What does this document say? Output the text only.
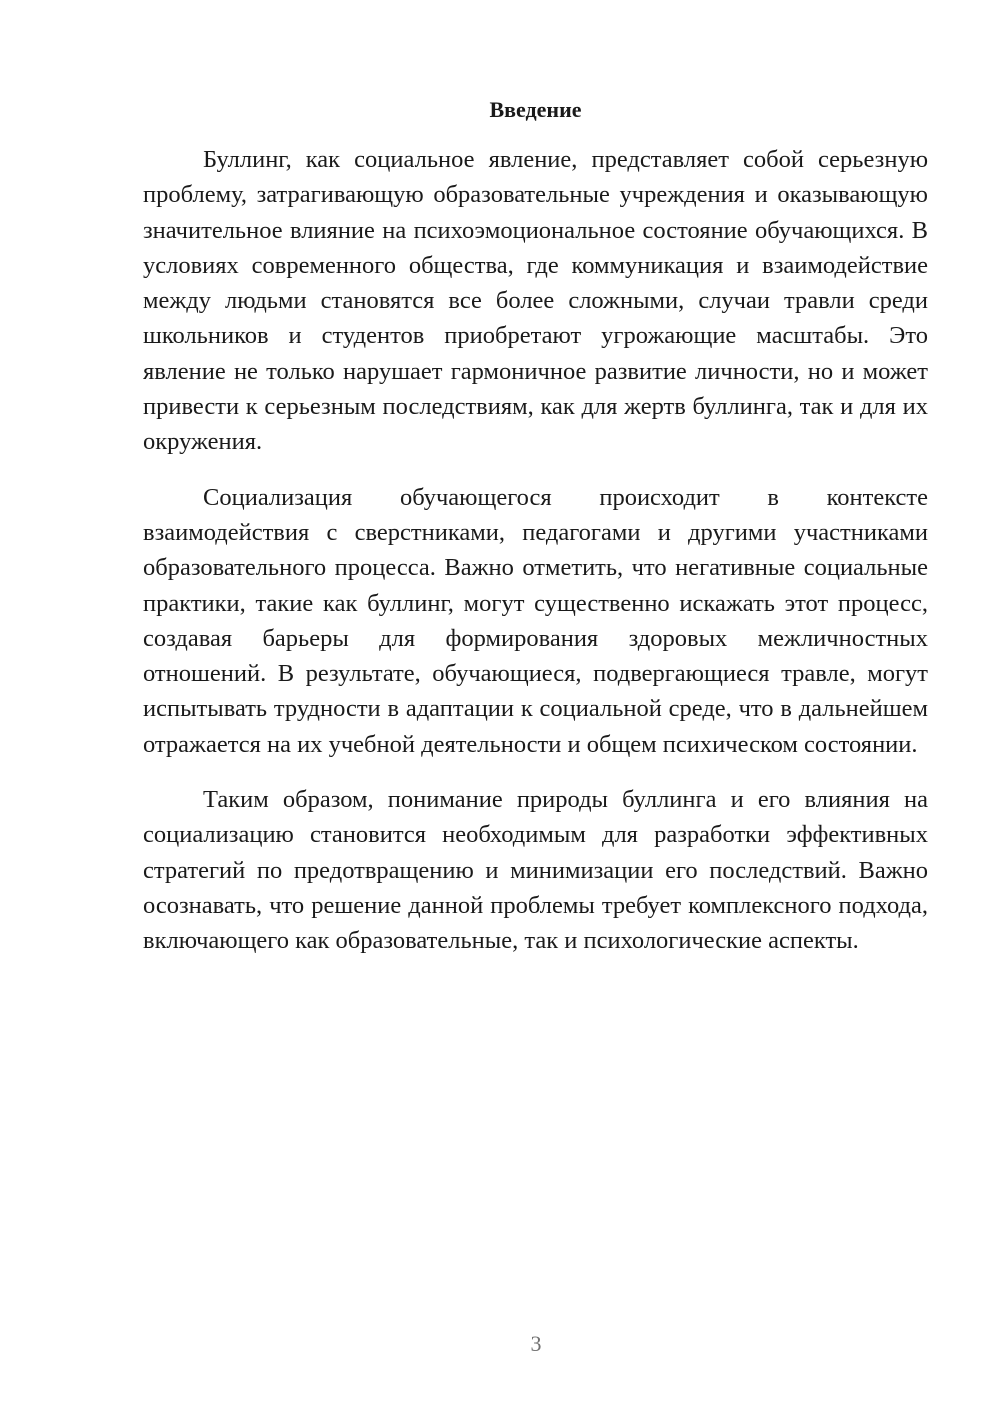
Введение

Буллинг, как социальное явление, представляет собой серьезную проблему, затрагивающую образовательные учреждения и оказывающую значительное влияние на психоэмоциональное состояние обучающихся. В условиях современного общества, где коммуникация и взаимодействие между людьми становятся все более сложными, случаи травли среди школьников и студентов приобретают угрожающие масштабы. Это явление не только нарушает гармоничное развитие личности, но и может привести к серьезным последствиям, как для жертв буллинга, так и для их окружения.

Социализация обучающегося происходит в контексте взаимодействия с сверстниками, педагогами и другими участниками образовательного процесса. Важно отметить, что негативные социальные практики, такие как буллинг, могут существенно искажать этот процесс, создавая барьеры для формирования здоровых межличностных отношений. В результате, обучающиеся, подвергающиеся травле, могут испытывать трудности в адаптации к социальной среде, что в дальнейшем отражается на их учебной деятельности и общем психическом состоянии.

Таким образом, понимание природы буллинга и его влияния на социализацию становится необходимым для разработки эффективных стратегий по предотвращению и минимизации его последствий. Важно осознавать, что решение данной проблемы требует комплексного подхода, включающего как образовательные, так и психологические аспекты.

3
